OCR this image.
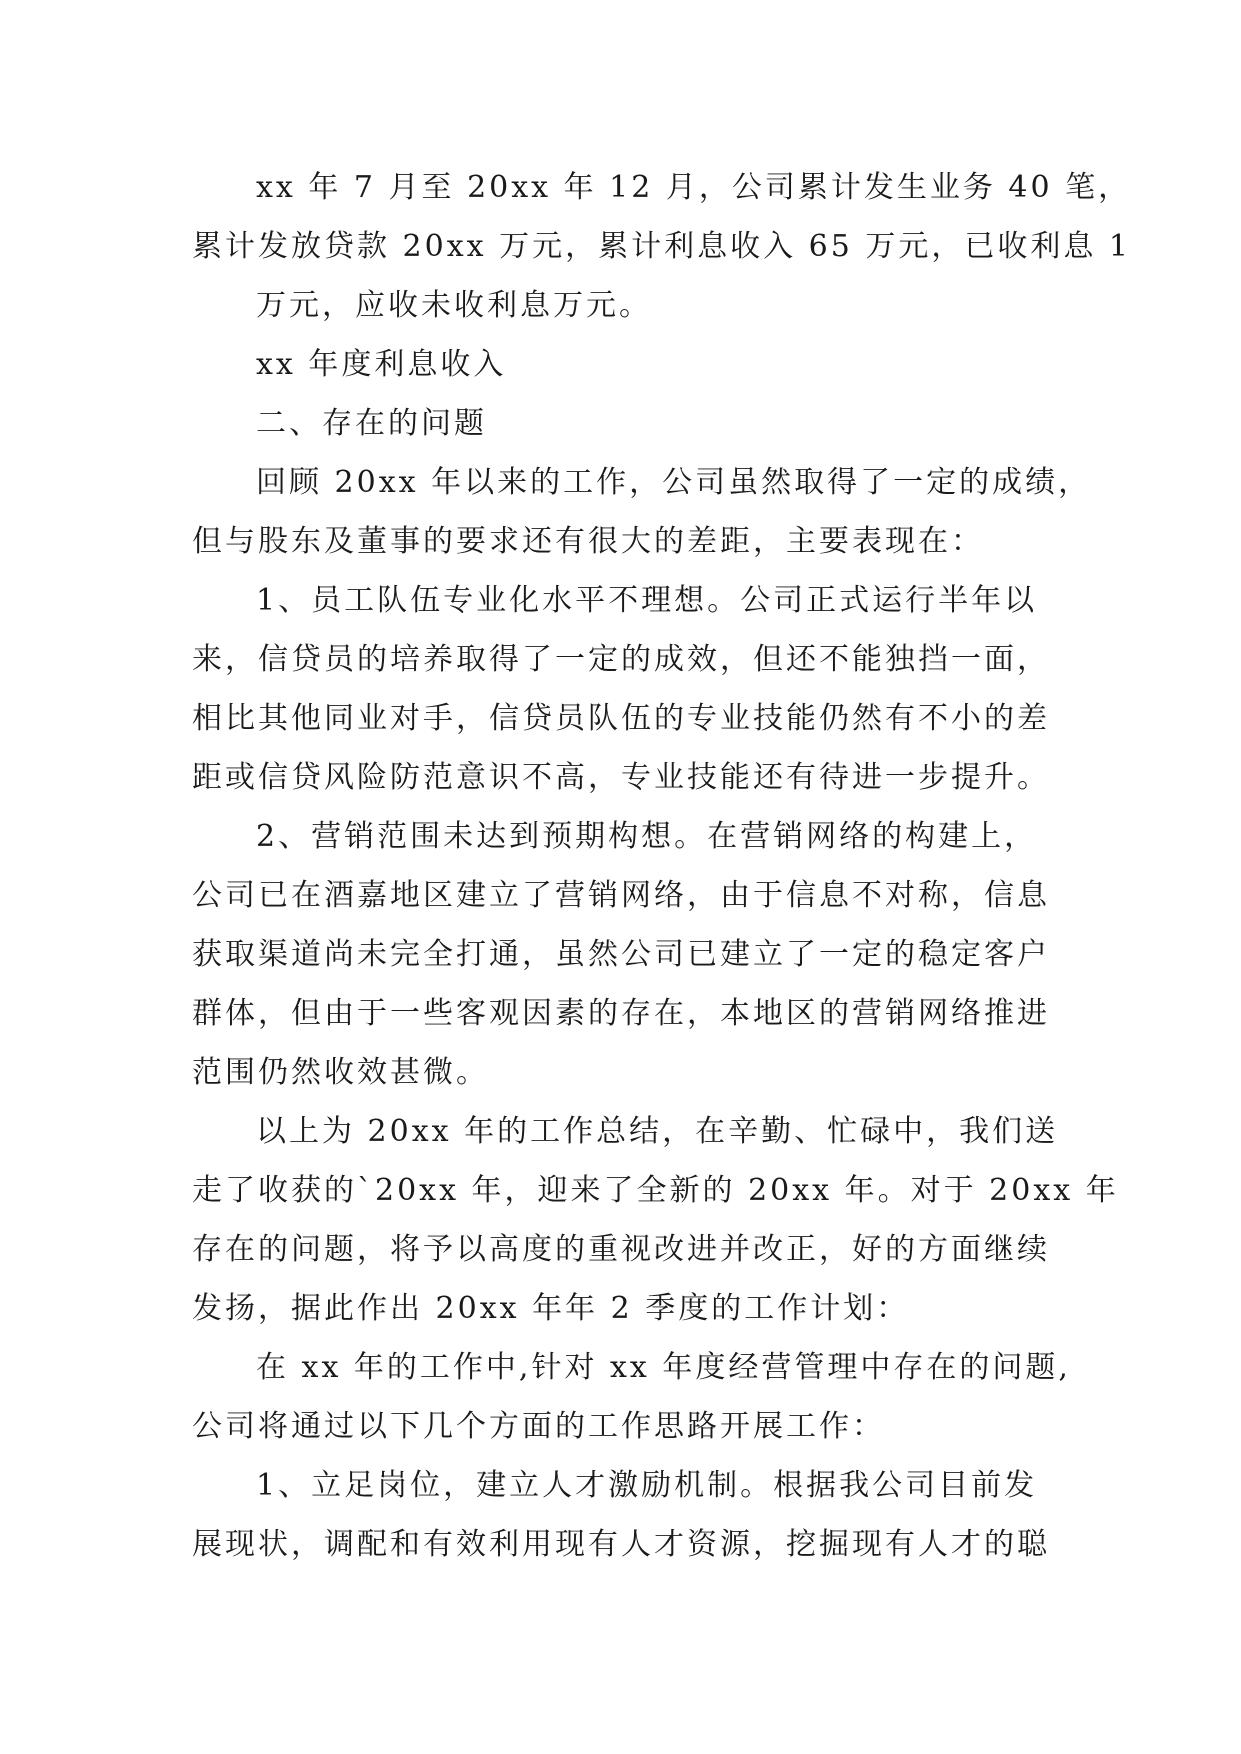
xx 年 7 月至 20xx 年 12 月，公司累计发生业务 40 笔，
累计发放贷款 20xx 万元，累计利息收入 65 万元，已收利息 1

万元，应收未收利息万元。

xx 年度利息收入

二、存在的问题

回顾 20xx 年以来的工作，公司虽然取得了一定的成绩，
但与股东及董事的要求还有很大的差距，主要表现在：

1、员工队伍专业化水平不理想。公司正式运行半年以
来，信贷员的培养取得了一定的成效，但还不能独挡一面，
相比其他同业对手，信贷员队伍的专业技能仍然有不小的差
距或信贷风险防范意识不高，专业技能还有待进一步提升。

2、营销范围未达到预期构想。在营销网络的构建上，
公司已在酒嘉地区建立了营销网络，由于信息不对称，信息
获取渠道尚未完全打通，虽然公司已建立了一定的稳定客户
群体，但由于一些客观因素的存在，本地区的营销网络推进
范围仍然收效甚微。

以上为 20xx 年的工作总结，在辛勤、忙碌中，我们送
走了收获的`20xx 年，迎来了全新的 20xx 年。对于 20xx 年
存在的问题，将予以高度的重视改进并改正，好的方面继续
发扬，据此作出 20xx 年年 2 季度的工作计划：

在 xx 年的工作中,针对 xx 年度经营管理中存在的问题,
公司将通过以下几个方面的工作思路开展工作：

1、立足岗位，建立人才激励机制。根据我公司目前发
展现状，调配和有效利用现有人才资源，挖掘现有人才的聪
